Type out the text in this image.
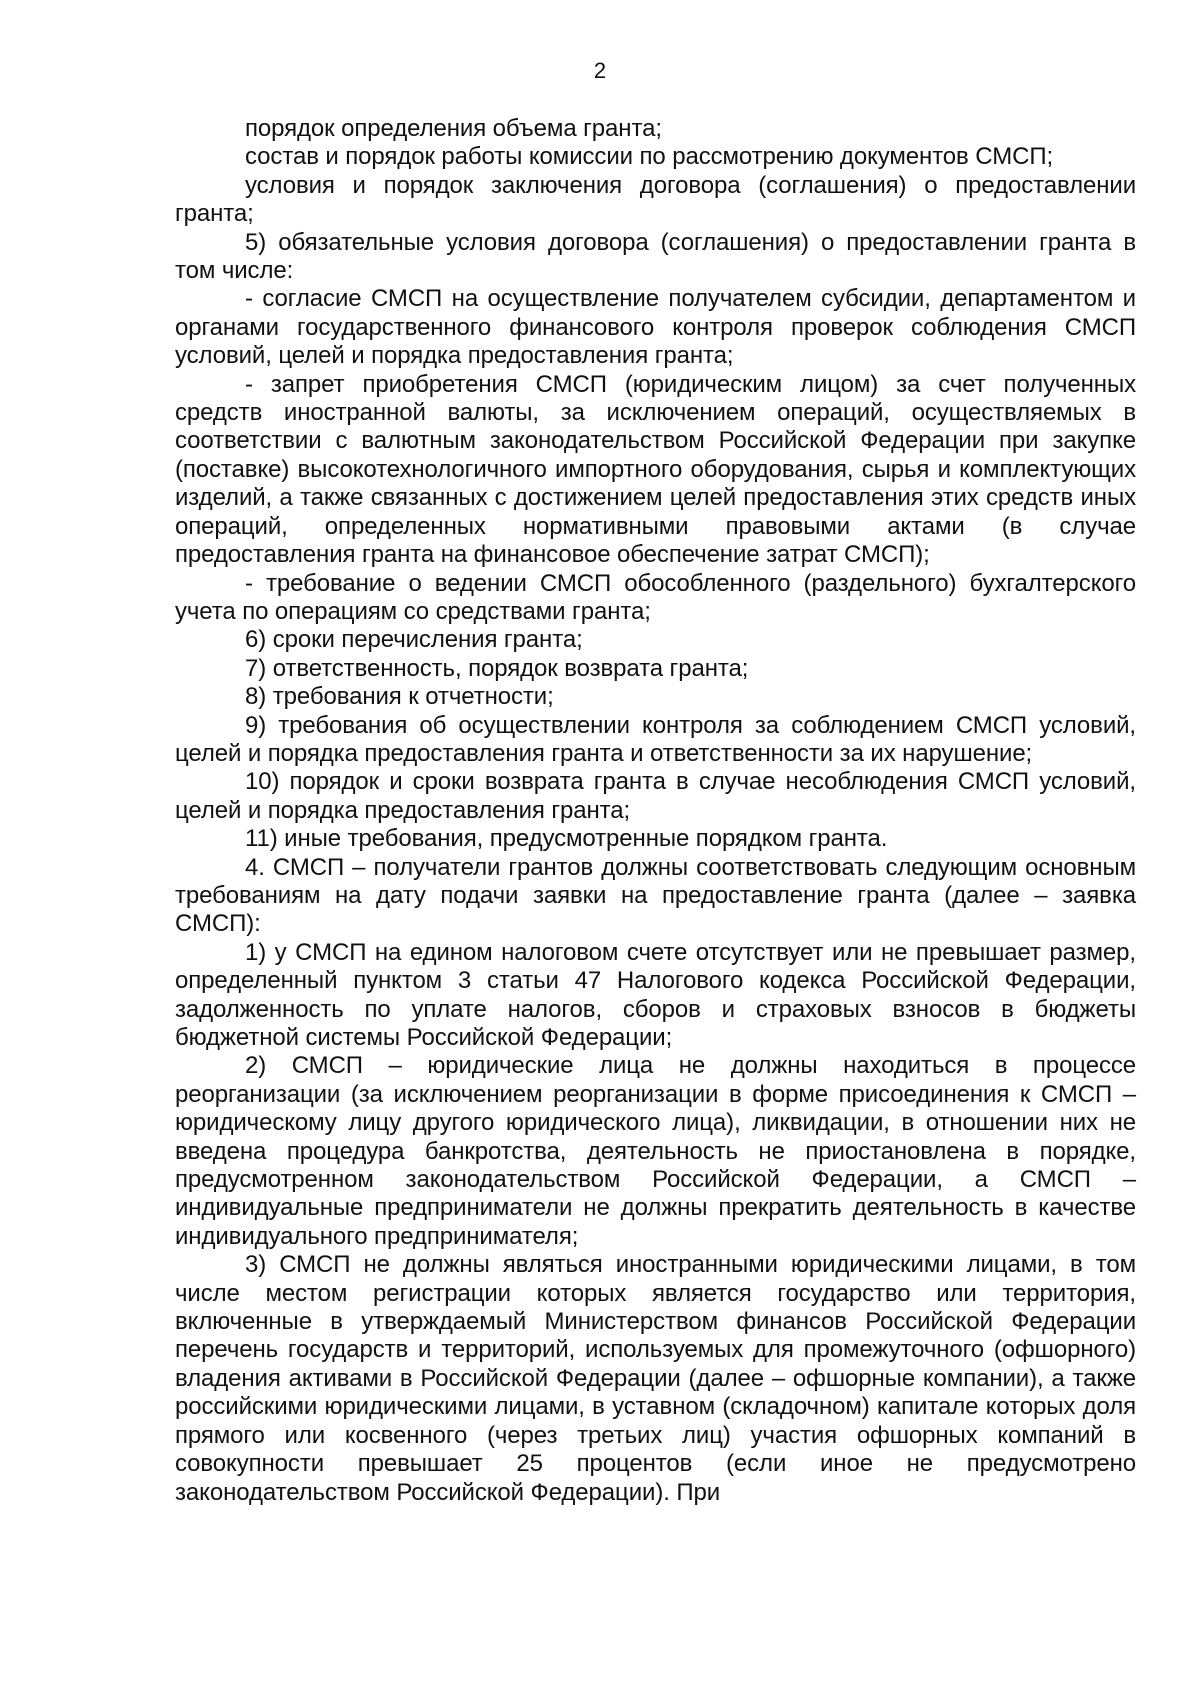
2

порядок определения объема гранта;

состав и порядок работы комиссии по рассмотрению документов СМСП;

условия и порядок заключения договора (соглашения) о предоставлении гранта;

5) обязательные условия договора (соглашения) о предоставлении гранта в том числе:

- согласие СМСП на осуществление получателем субсидии, департаментом и органами государственного финансового контроля проверок соблюдения СМСП условий, целей и порядка предоставления гранта;

- запрет приобретения СМСП (юридическим лицом) за счет полученных средств иностранной валюты, за исключением операций, осуществляемых в соответствии с валютным законодательством Российской Федерации при закупке (поставке) высокотехнологичного импортного оборудования, сырья и комплектующих изделий, а также связанных с достижением целей предоставления этих средств иных операций, определенных нормативными правовыми актами (в случае предоставления гранта на финансовое обеспечение затрат СМСП);

- требование о ведении СМСП обособленного (раздельного) бухгалтерского учета по операциям со средствами гранта;

6) сроки перечисления гранта;

7) ответственность, порядок возврата гранта;

8) требования к отчетности;

9) требования об осуществлении контроля за соблюдением СМСП условий, целей и порядка предоставления гранта и ответственности за их нарушение;

10) порядок и сроки возврата гранта в случае несоблюдения СМСП условий, целей и порядка предоставления гранта;

11) иные требования, предусмотренные порядком гранта.

4. СМСП – получатели грантов должны соответствовать следующим основным требованиям на дату подачи заявки на предоставление гранта (далее – заявка СМСП):

1) у СМСП на едином налоговом счете отсутствует или не превышает размер, определенный пунктом 3 статьи 47 Налогового кодекса Российской Федерации, задолженность по уплате налогов, сборов и страховых взносов в бюджеты бюджетной системы Российской Федерации;

2) СМСП – юридические лица не должны находиться в процессе реорганизации (за исключением реорганизации в форме присоединения к СМСП – юридическому лицу другого юридического лица), ликвидации, в отношении них не введена процедура банкротства, деятельность не приостановлена в порядке, предусмотренном законодательством Российской Федерации, а СМСП – индивидуальные предприниматели не должны прекратить деятельность в качестве индивидуального предпринимателя;

3) СМСП не должны являться иностранными юридическими лицами, в том числе местом регистрации которых является государство или территория, включенные в утверждаемый Министерством финансов Российской Федерации перечень государств и территорий, используемых для промежуточного (офшорного) владения активами в Российской Федерации (далее – офшорные компании), а также российскими юридическими лицами, в уставном (складочном) капитале которых доля прямого или косвенного (через третьих лиц) участия офшорных компаний в совокупности превышает 25 процентов (если иное не предусмотрено законодательством Российской Федерации). При
